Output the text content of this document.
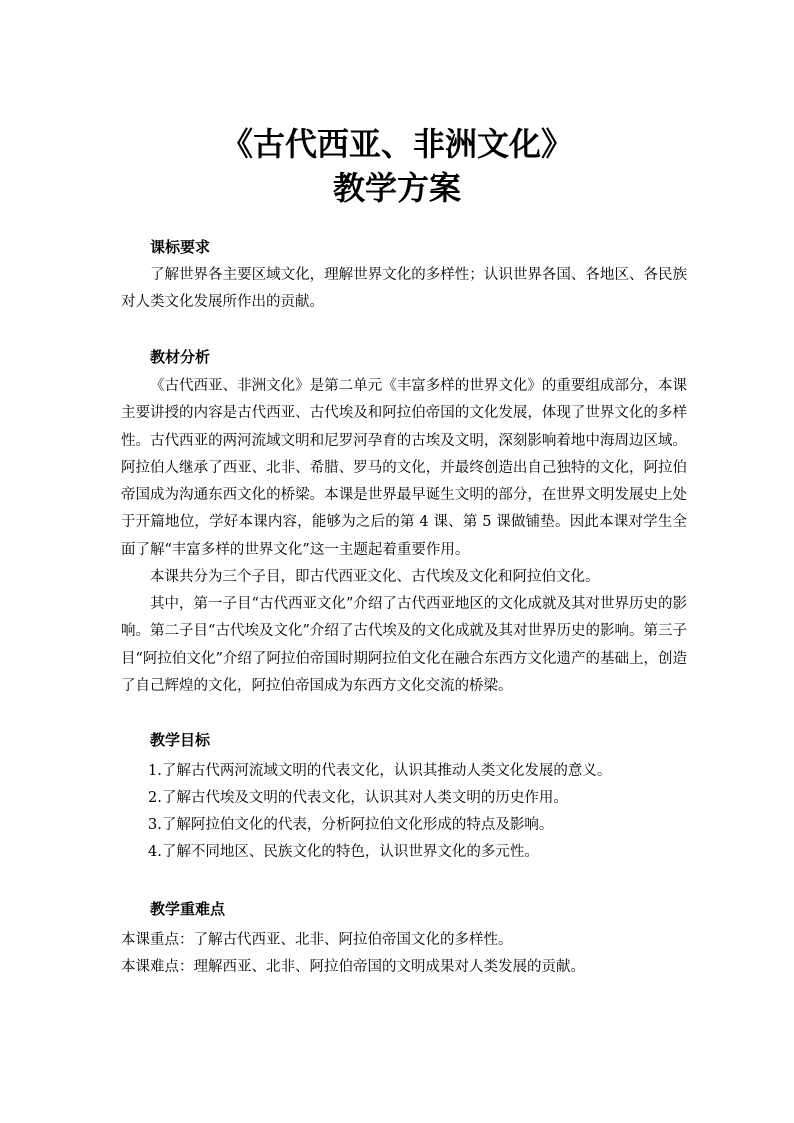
《古代西亚、非洲文化》
教学方案
课标要求

了解世界各主要区域文化，理解世界文化的多样性；认识世界各国、各地区、各民族对人类文化发展所作出的贡献。

教材分析

《古代西亚、非洲文化》是第二单元《丰富多样的世界文化》的重要组成部分，本课主要讲授的内容是古代西亚、古代埃及和阿拉伯帝国的文化发展，体现了世界文化的多样性。古代西亚的两河流域文明和尼罗河孕育的古埃及文明，深刻影响着地中海周边区域。阿拉伯人继承了西亚、北非、希腊、罗马的文化，并最终创造出自己独特的文化，阿拉伯帝国成为沟通东西文化的桥梁。本课是世界最早诞生文明的部分，在世界文明发展史上处于开篇地位，学好本课内容，能够为之后的第 4 课、第 5 课做铺垫。因此本课对学生全面了解“丰富多样的世界文化”这一主题起着重要作用。

本课共分为三个子目，即古代西亚文化、古代埃及文化和阿拉伯文化。

其中，第一子目“古代西亚文化”介绍了古代西亚地区的文化成就及其对世界历史的影响。第二子目“古代埃及文化”介绍了古代埃及的文化成就及其对世界历史的影响。第三子目“阿拉伯文化”介绍了阿拉伯帝国时期阿拉伯文化在融合东西方文化遗产的基础上，创造了自己辉煌的文化，阿拉伯帝国成为东西方文化交流的桥梁。

教学目标
1.了解古代两河流域文明的代表文化，认识其推动人类文化发展的意义。
2.了解古代埃及文明的代表文化，认识其对人类文明的历史作用。
3.了解阿拉伯文化的代表，分析阿拉伯文化形成的特点及影响。
4.了解不同地区、民族文化的特色，认识世界文化的多元性。
教学重难点
本课重点：了解古代西亚、北非、阿拉伯帝国文化的多样性。
本课难点：理解西亚、北非、阿拉伯帝国的文明成果对人类发展的贡献。
